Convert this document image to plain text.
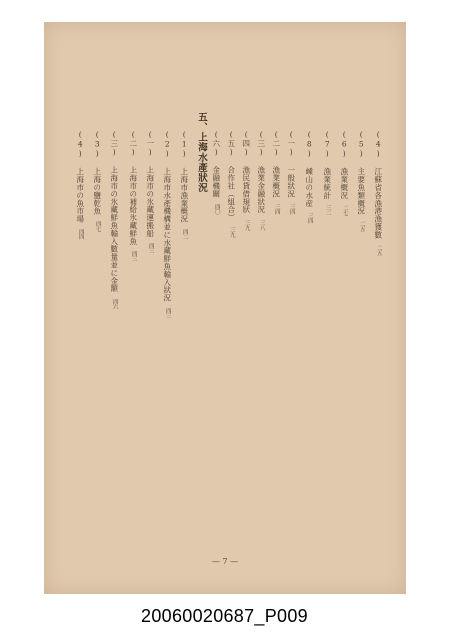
(4) 江蘇省各漁港漁獲數
二五
(5) 主要魚類概況
二五
(6) 漁業概況
二七
(7) 漁業統計
三二
(8) 嵊山の水産
三四
(一) 一般狀況
三四
(二) 漁業概況
三四
(三) 漁業金融狀況
三八
(四) 漁民貸借規狀
三九
(五) 合作社（組合）
三九
(六) 金融機關
四〇
五、上海水產狀況
(1) 上海市漁業概況
四二
(2) 上海市水產機構並に水藏鮮魚輸入狀況
四三
(一) 上海市の氷藏運搬船
四三
(二) 上海市の補給氷藏鮮魚
四三
(三) 上海市の氷藏鮮魚輸入數量並に金額
四六
(3) 上海の鹽乾魚
四七
(4) 上海市の魚市場
四四
— 7 —
20060020687_P009
